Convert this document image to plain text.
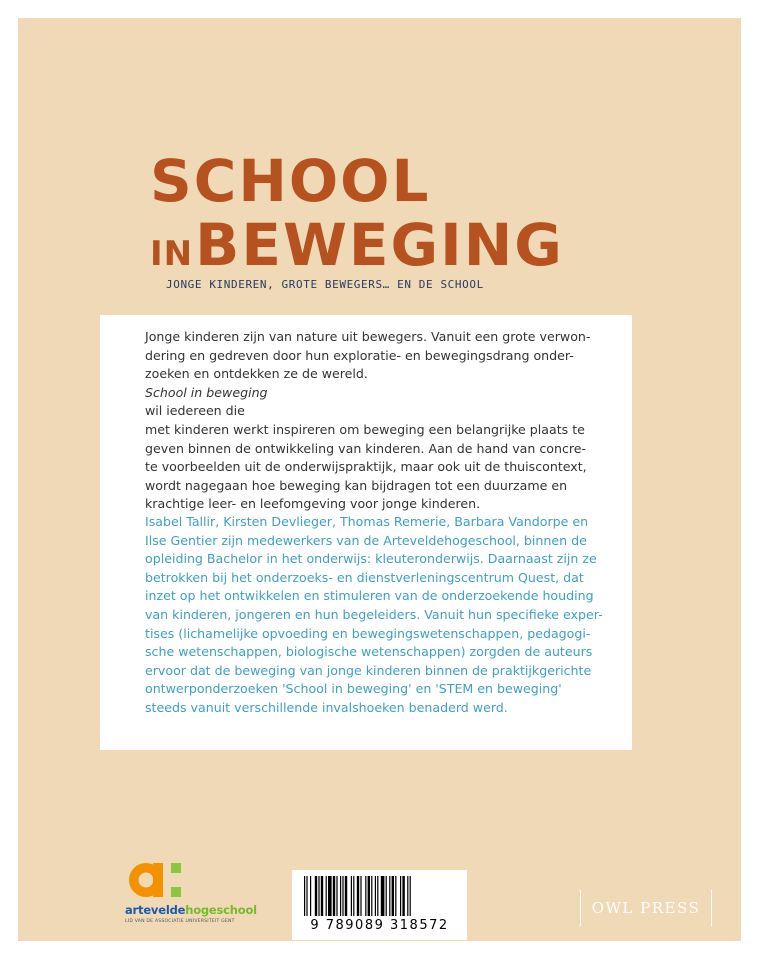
SCHOOL
INBEWEGING
JONGE KINDEREN, GROTE BEWEGERS… EN DE SCHOOL

Jonge kinderen zijn van nature uit bewegers. Vanuit een grote verwon-
dering en gedreven door hun exploratie- en bewegingsdrang onder-
zoeken en ontdekken ze de wereld.
School in beweging
wil iedereen die
met kinderen werkt inspireren om beweging een belangrijke plaats te
geven binnen de ontwikkeling van kinderen. Aan de hand van concre-
te voorbeelden uit de onderwijspraktijk, maar ook uit de thuiscontext,
wordt nagegaan hoe beweging kan bijdragen tot een duurzame en
krachtige leer- en leefomgeving voor jonge kinderen.

Isabel Tallir, Kirsten Devlieger, Thomas Remerie, Barbara Vandorpe en
Ilse Gentier zijn medewerkers van de Arteveldehogeschool, binnen de
opleiding Bachelor in het onderwijs: kleuteronderwijs. Daarnaast zijn ze
betrokken bij het onderzoeks- en dienstverleningscentrum Quest, dat
inzet op het ontwikkelen en stimuleren van de onderzoekende houding
van kinderen, jongeren en hun begeleiders. Vanuit hun specifieke exper-
tises (lichamelijke opvoeding en bewegingswetenschappen, pedagogi-
sche wetenschappen, biologische wetenschappen) zorgden de auteurs
ervoor dat de beweging van jonge kinderen binnen de praktijkgerichte
ontwerponderzoeken 'School in beweging' en 'STEM en beweging'
steeds vanuit verschillende invalshoeken benaderd werd.

arteveldehogeschool
LID VAN DE ASSOCIATIE UNIVERSITEIT GENT	9 789089 318572
OWL PRESS
